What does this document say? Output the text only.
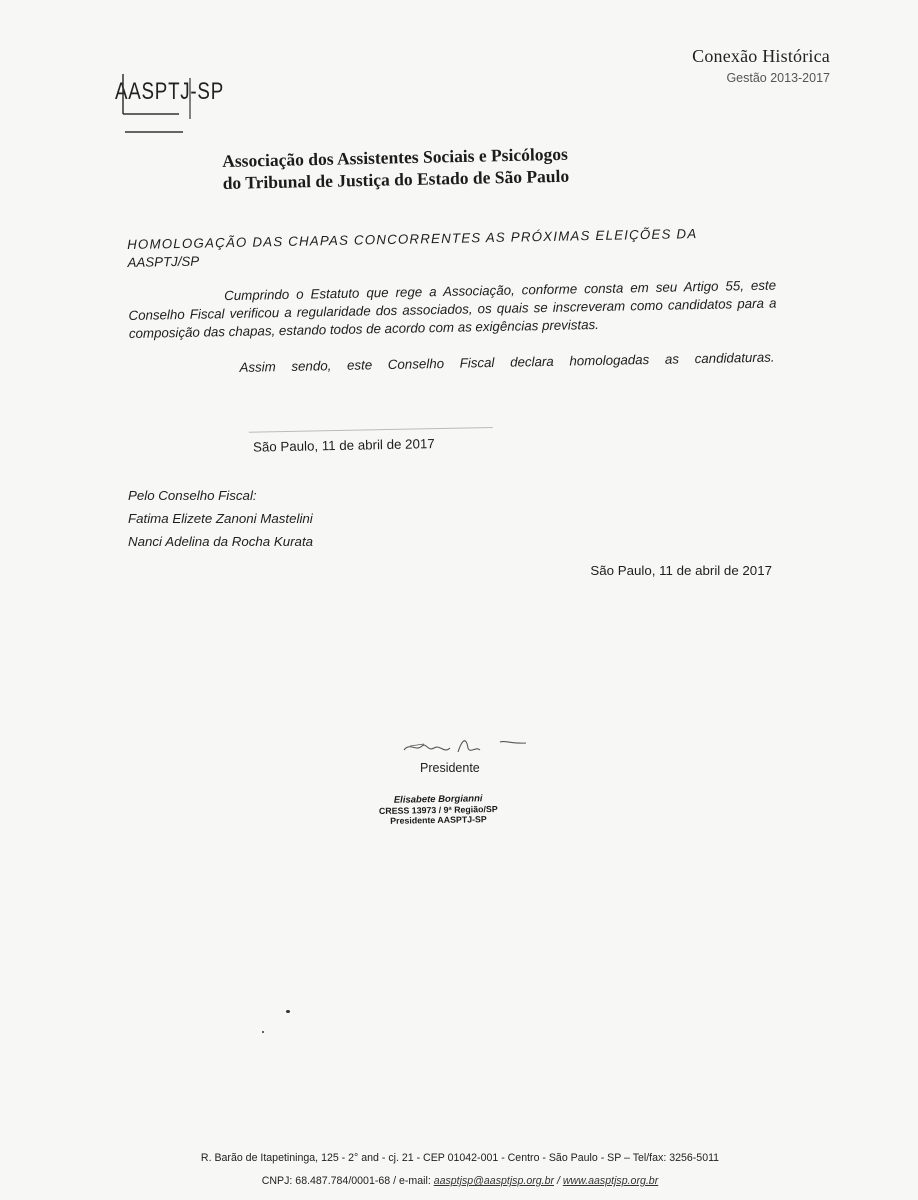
Conexão Histórica
Gestão 2013-2017
AASPTJ-SP
Associação dos Assistentes Sociais e Psicólogos
do Tribunal de Justiça do Estado de São Paulo
HOMOLOGAÇÃO DAS CHAPAS CONCORRENTES AS PRÓXIMAS ELEIÇÕES DA
AASPTJ/SP
Cumprindo o Estatuto que rege a Associação, conforme consta em seu Artigo 55, este Conselho Fiscal verificou a regularidade dos associados, os quais se inscreveram como candidatos para a composição das chapas, estando todos de acordo com as exigências previstas.
Assim sendo, este Conselho Fiscal declara homologadas as candidaturas.
São Paulo, 11 de abril de 2017
Pelo Conselho Fiscal:
Fatima Elizete Zanoni Mastelini
Nanci Adelina da Rocha Kurata
São Paulo, 11 de abril de 2017
Presidente
Elisabete Borgianni
CRESS 13973 / 9ª Região/SP
Presidente AASPTJ-SP
R. Barão de Itapetininga, 125 - 2° and - cj. 21 - CEP 01042-001 - Centro - São Paulo - SP – Tel/fax: 3256-5011
CNPJ: 68.487.784/0001-68 / e-mail: aasptjsp@aasptjsp.org.br / www.aasptjsp.org.br
